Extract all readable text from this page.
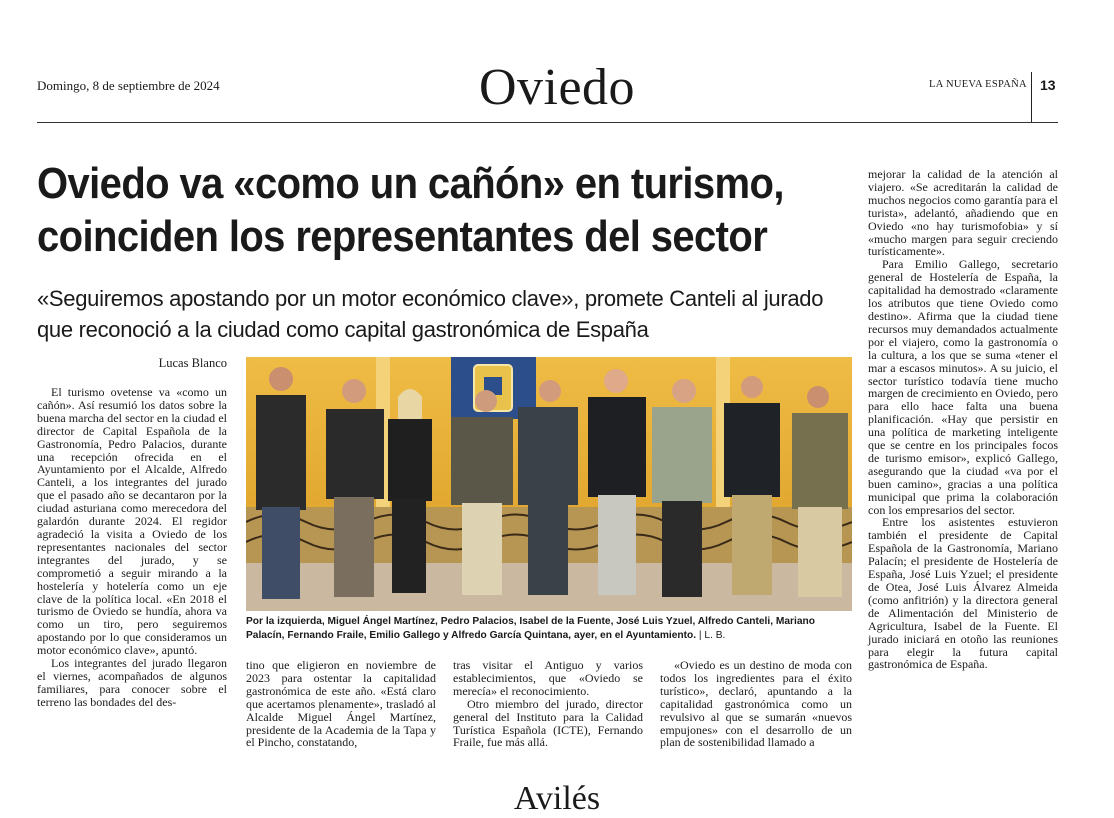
Domingo, 8 de septiembre de 2024	Oviedo	LA NUEVA ESPAÑA 13
Oviedo va «como un cañón» en turismo,
coinciden los representantes del sector
«Seguiremos apostando por un motor económico clave», promete Canteli al jurado que reconoció a la ciudad como capital gastronómica de España
Lucas Blanco

El turismo ovetense va «como un cañón». Así resumió los datos sobre la buena marcha del sector en la ciudad el director de Capital Española de la Gastronomía, Pedro Palacios, durante una recepción ofrecida en el Ayuntamiento por el Alcalde, Alfredo Canteli, a los integrantes del jurado que el pasado año se decantaron por la ciudad asturiana como merecedora del galardón durante 2024. El regidor agradeció la visita a Oviedo de los representantes nacionales del sector integrantes del jurado, y se comprometió a seguir mirando a la hostelería y hotelería como un eje clave de la política local. «En 2018 el turismo de Oviedo se hundía, ahora va como un tiro, pero seguiremos apostando por lo que consideramos un motor económico clave», apuntó.

Los integrantes del jurado llegaron el viernes, acompañados de algunos familiares, para conocer sobre el terreno las bondades del des-

Por la izquierda, Miguel Ángel Martínez, Pedro Palacios, Isabel de la Fuente, José Luis Yzuel, Alfredo Canteli, Mariano Palacín, Fernando Fraile, Emilio Gallego y Alfredo García Quintana, ayer, en el Ayuntamiento. | L. B.

tino que eligieron en noviembre de 2023 para ostentar la capitalidad gastronómica de este año. «Está claro que acertamos plenamente», trasladó al Alcalde Miguel Ángel Martínez, presidente de la Academia de la Tapa y el Pincho, constatando,

tras visitar el Antiguo y varios establecimientos, que «Oviedo se merecía» el reconocimiento.

Otro miembro del jurado, director general del Instituto para la Calidad Turística Española (ICTE), Fernando Fraile, fue más allá.

«Oviedo es un destino de moda con todos los ingredientes para el éxito turístico», declaró, apuntando a la capitalidad gastronómica como un revulsivo al que se sumarán «nuevos empujones» con el desarrollo de un plan de sostenibilidad llamado a

mejorar la calidad de la atención al viajero. «Se acreditarán la calidad de muchos negocios como garantía para el turista», adelantó, añadiendo que en Oviedo «no hay turismofobia» y sí «mucho margen para seguir creciendo turísticamente».

Para Emilio Gallego, secretario general de Hostelería de España, la capitalidad ha demostrado «claramente los atributos que tiene Oviedo como destino». Afirma que la ciudad tiene recursos muy demandados actualmente por el viajero, como la gastronomía o la cultura, a los que se suma «tener el mar a escasos minutos». A su juicio, el sector turístico todavía tiene mucho margen de crecimiento en Oviedo, pero para ello hace falta una buena planificación. «Hay que persistir en una política de marketing inteligente que se centre en los principales focos de turismo emisor», explicó Gallego, asegurando que la ciudad «va por el buen camino», gracias a una política municipal que prima la colaboración con los empresarios del sector.

Entre los asistentes estuvieron también el presidente de Capital Española de la Gastronomía, Mariano Palacín; el presidente de Hostelería de España, José Luis Yzuel; el presidente de Otea, José Luis Álvarez Almeida (como anfitrión) y la directora general de Alimentación del Ministerio de Agricultura, Isabel de la Fuente. El jurado iniciará en otoño las reuniones para elegir la futura capital gastronómica de España.

Avilés
